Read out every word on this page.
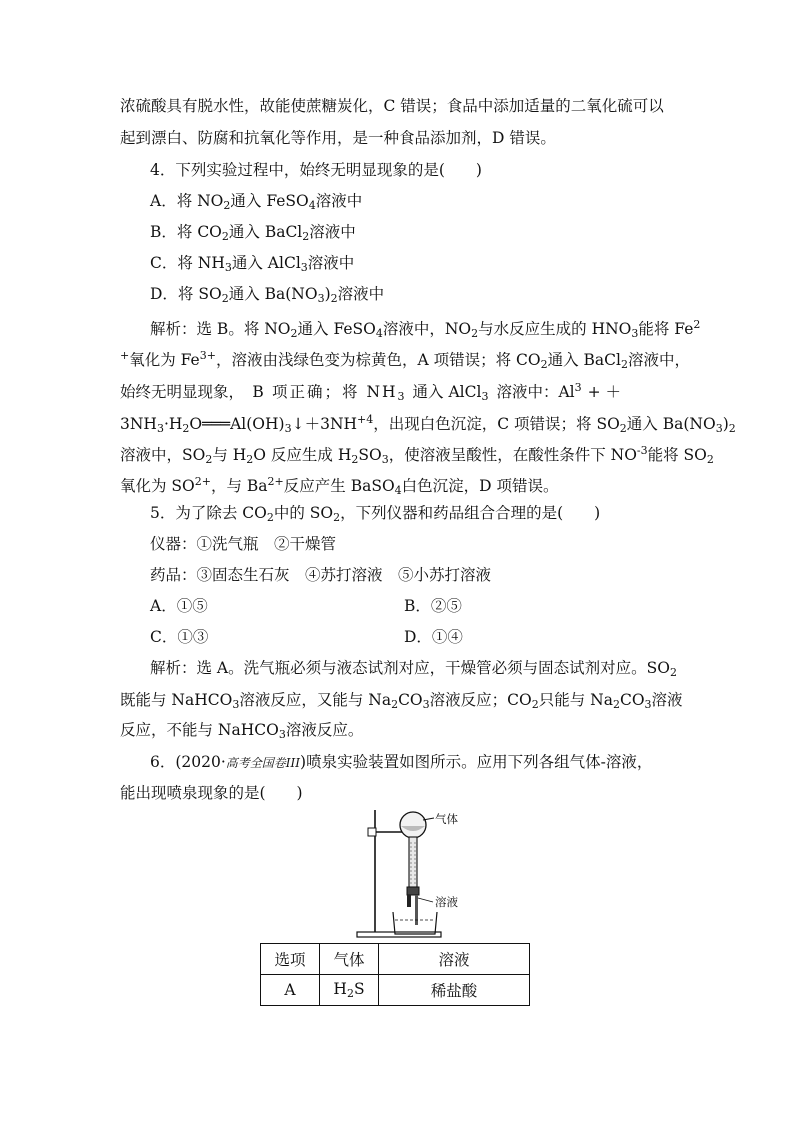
浓硫酸具有脱水性，故能使蔗糖炭化，C 错误；食品中添加适量的二氧化硫可以
起到漂白、防腐和抗氧化等作用，是一种食品添加剂，D 错误。
4．下列实验过程中，始终无明显现象的是(　　)
A．将 $NO_2$通入 FeSO$_4$溶液中
B．将 $CO_2$通入 BaCl$_2$溶液中
C．将 $NH_3$通入 AlCl$_3$溶液中
D．将 $SO_2$通入 $Ba(NO_3)_2$溶液中
解析：选 B。将 $NO_2$通入 FeSO$_4$溶液中，$NO_2$与水反应生成的 $HNO_3$能将 Fe$^2$
+氧化为 $Fe^{3+}$，溶液由浅绿色变为棕黄色，A 项错误；将 $CO_2$通入 BaCl$_2$溶液中，
始终无明显现象， B 项正确；将 $NH_3$ 通入 AlCl$_3$ 溶液中：$Al^3$ + ＋
$3NH_3\cdot H_2O═══Al(OH)_3↓+3NH^{+4}$，出现白色沉淀，C 项错误；将 $SO_2$通入 $Ba(NO_3)_2$
溶液中，$SO_2$与 $H_2O$ 反应生成 $H_2SO_3$，使溶液呈酸性，在酸性条件下 $NO^{-3}$能将 $SO_2$
氧化为 $SO^{2+}$，与 $Ba^{2+}$反应产生 BaSO$_4$白色沉淀，D 项错误。
5．为了除去 $CO_2$中的 $SO_2$，下列仪器和药品组合合理的是(　　)
仪器：①洗气瓶　②干燥管
药品：③固态生石灰　④苏打溶液　⑤小苏打溶液
A．①⑤	B．②⑤
C．①③	D．①④
解析：选 A。洗气瓶必须与液态试剂对应，干燥管必须与固态试剂对应。$SO_2$
既能与 NaHCO$_3$溶液反应，又能与 $Na_2CO_3$溶液反应；$CO_2$只能与 $Na_2CO_3$溶液
反应，不能与 NaHCO$_3$溶液反应。
6．(2020·高考全国卷III)喷泉实验装置如图所示。应用下列各组气体-溶液，
能出现喷泉现象的是(　　)
气体
溶液
选项	气体	溶液
A	$H_2S$	稀盐酸
